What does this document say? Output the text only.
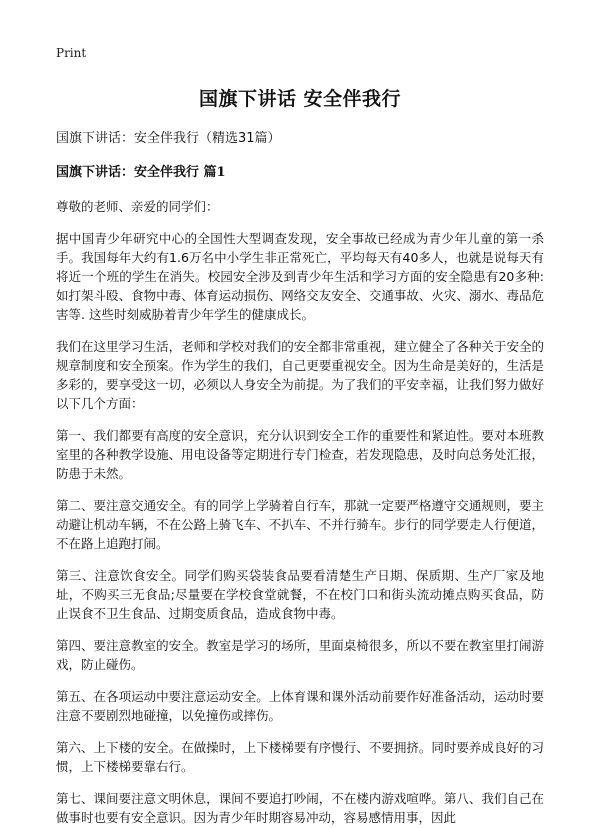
Print
国旗下讲话 安全伴我行
国旗下讲话：安全伴我行（精选31篇）
国旗下讲话：安全伴我行 篇1

尊敬的老师、亲爱的同学们：

据中国青少年研究中心的全国性大型调查发现，安全事故已经成为青少年儿童的第一杀手。我国每年大约有1.6万名中小学生非正常死亡，平均每天有40多人，也就是说每天有将近一个班的学生在消失。校园安全涉及到青少年生活和学习方面的安全隐患有20多种:如打架斗殴、食物中毒、体育运动损伤、网络交友安全、交通事故、火灾、溺水、毒品危害等. 这些时刻威胁着青少年学生的健康成长。

我们在这里学习生活，老师和学校对我们的安全都非常重视，建立健全了各种关于安全的规章制度和安全预案。作为学生的我们，自己更要重视安全。因为生命是美好的，生活是多彩的，要享受这一切，必须以人身安全为前提。为了我们的平安幸福，让我们努力做好以下几个方面：

第一、我们都要有高度的安全意识，充分认识到安全工作的重要性和紧迫性。要对本班教室里的各种教学设施、用电设备等定期进行专门检查，若发现隐患，及时向总务处汇报，防患于未然。

第二、要注意交通安全。有的同学上学骑着自行车，那就一定要严格遵守交通规则，要主动避让机动车辆，不在公路上骑飞车、不扒车、不并行骑车。步行的同学要走人行便道，不在路上追跑打闹。

第三、注意饮食安全。同学们购买袋装食品要看清楚生产日期、保质期、生产厂家及地址，不购买三无食品;尽量要在学校食堂就餐，不在校门口和街头流动摊点购买食品，防止误食不卫生食品、过期变质食品，造成食物中毒。

第四、要注意教室的安全。教室是学习的场所，里面桌椅很多，所以不要在教室里打闹游戏，防止碰伤。

第五、在各项运动中要注意运动安全。上体育课和课外活动前要作好准备活动，运动时要注意不要剧烈地碰撞，以免撞伤或摔伤。

第六、上下楼的安全。在做操时，上下楼梯要有序慢行、不要拥挤。同时要养成良好的习惯，上下楼梯要靠右行。

第七、课间要注意文明休息，课间不要追打吵闹，不在楼内游戏喧哗。第八、我们自己在做事时也要有安全意识。因为青少年时期容易冲动，容易感情用事，因此
